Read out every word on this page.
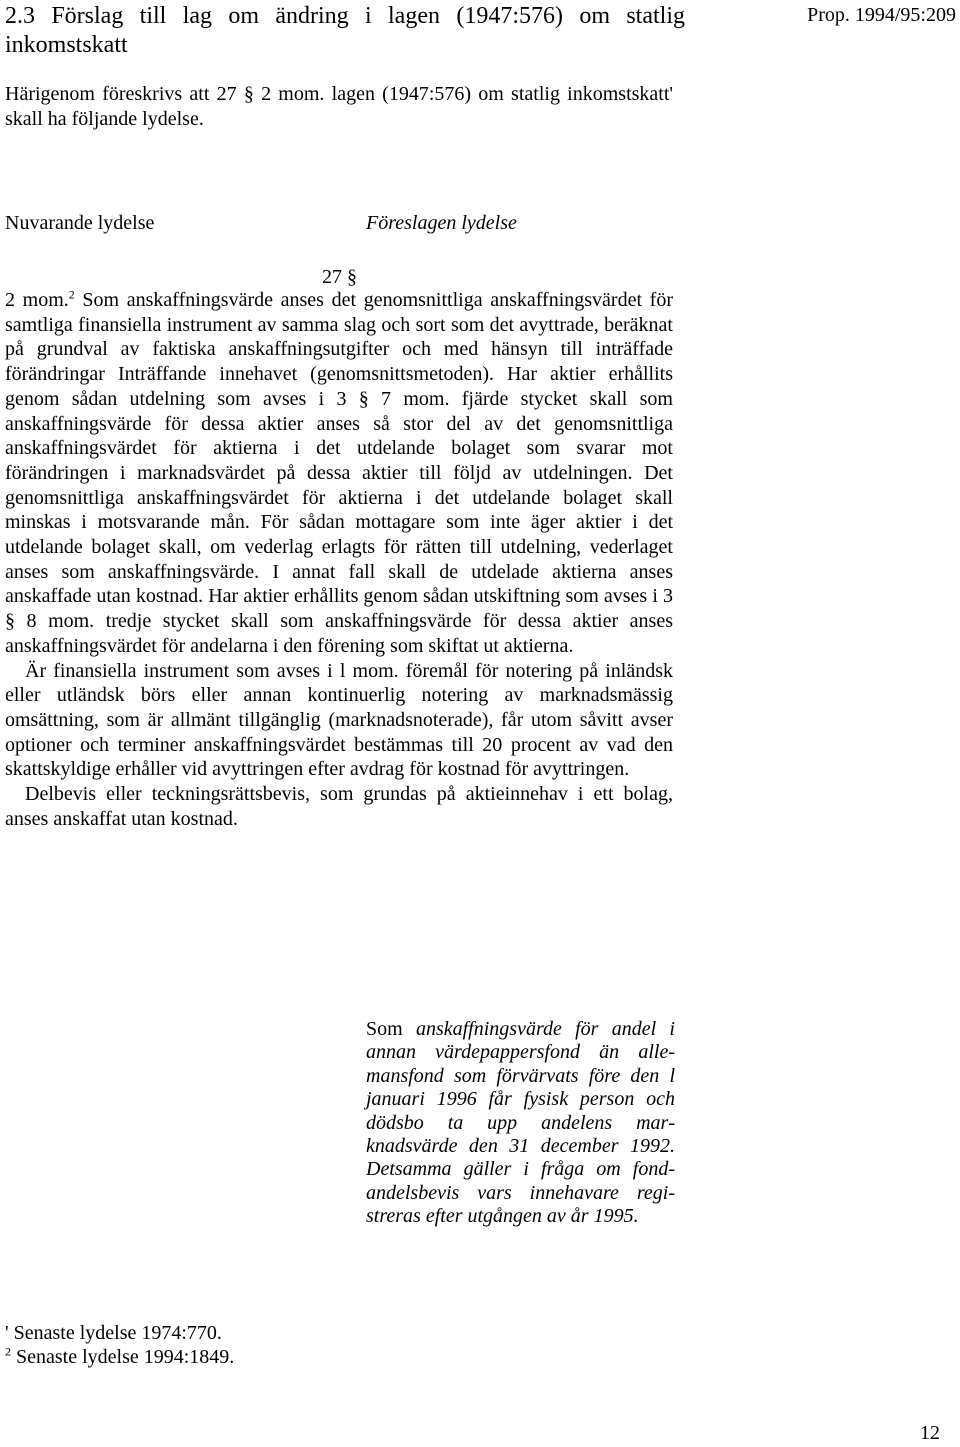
2.3 Förslag till lag om ändring i lagen (1947:576) om statlig inkomstskatt
Prop. 1994/95:209
Härigenom föreskrivs att 27 § 2 mom. lagen (1947:576) om statlig inkomstskatt' skall ha följande lydelse.
Nuvarande lydelse	Föreslagen lydelse
27 §

2 mom.$^2$ Som anskaffningsvärde anses det genomsnittliga anskaffningsvärdet för samtliga finansiella instrument av samma slag och sort som det avyttrade, beräknat på grundval av faktiska anskaffningsutgifter och med hänsyn till inträffade förändringar Inträffande innehavet (genomsnittsmetoden). Har aktier erhållits genom sådan utdelning som avses i 3 § 7 mom. fjärde stycket skall som anskaffningsvärde för dessa aktier anses så stor del av det genomsnittliga anskaffningsvärdet för aktierna i det utdelande bolaget som svarar mot förändringen i marknadsvärdet på dessa aktier till följd av utdelningen. Det genomsnittliga anskaffningsvärdet för aktierna i det utdelande bolaget skall minskas i motsvarande mån. För sådan mottagare som inte äger aktier i det utdelande bolaget skall, om vederlag erlagts för rätten till utdelning, vederlaget anses som anskaffningsvärde. I annat fall skall de utdelade aktierna anses anskaffade utan kostnad. Har aktier erhållits genom sådan utskiftning som avses i 3 § 8 mom. tredje stycket skall som anskaffningsvärde för dessa aktier anses anskaffningsvärdet för andelarna i den förening som skiftat ut aktierna.

Är finansiella instrument som avses i l mom. föremål för notering på inländsk eller utländsk börs eller annan kontinuerlig notering av marknadsmässig omsättning, som är allmänt tillgänglig (marknadsnoterade), får utom såvitt avser optioner och terminer anskaffningsvärdet bestämmas till 20 procent av vad den skattskyldige erhåller vid avyttringen efter avdrag för kostnad för avyttringen.

Delbevis eller teckningsrättsbevis, som grundas på aktieinnehav i ett bolag, anses anskaffat utan kostnad.

Som anskaffningsvärde för andel i annan värdepappersfond än allemansfond som förvärvats före den l januari 1996 får fysisk person och dödsbo ta upp andelens marknadsvärde den 31 december 1992. Detsamma gäller i fråga om fondandelsbevis vars innehavare registreras efter utgången av år 1995.
' Senaste lydelse 1974:770.
$^2$ Senaste lydelse 1994:1849.
12
